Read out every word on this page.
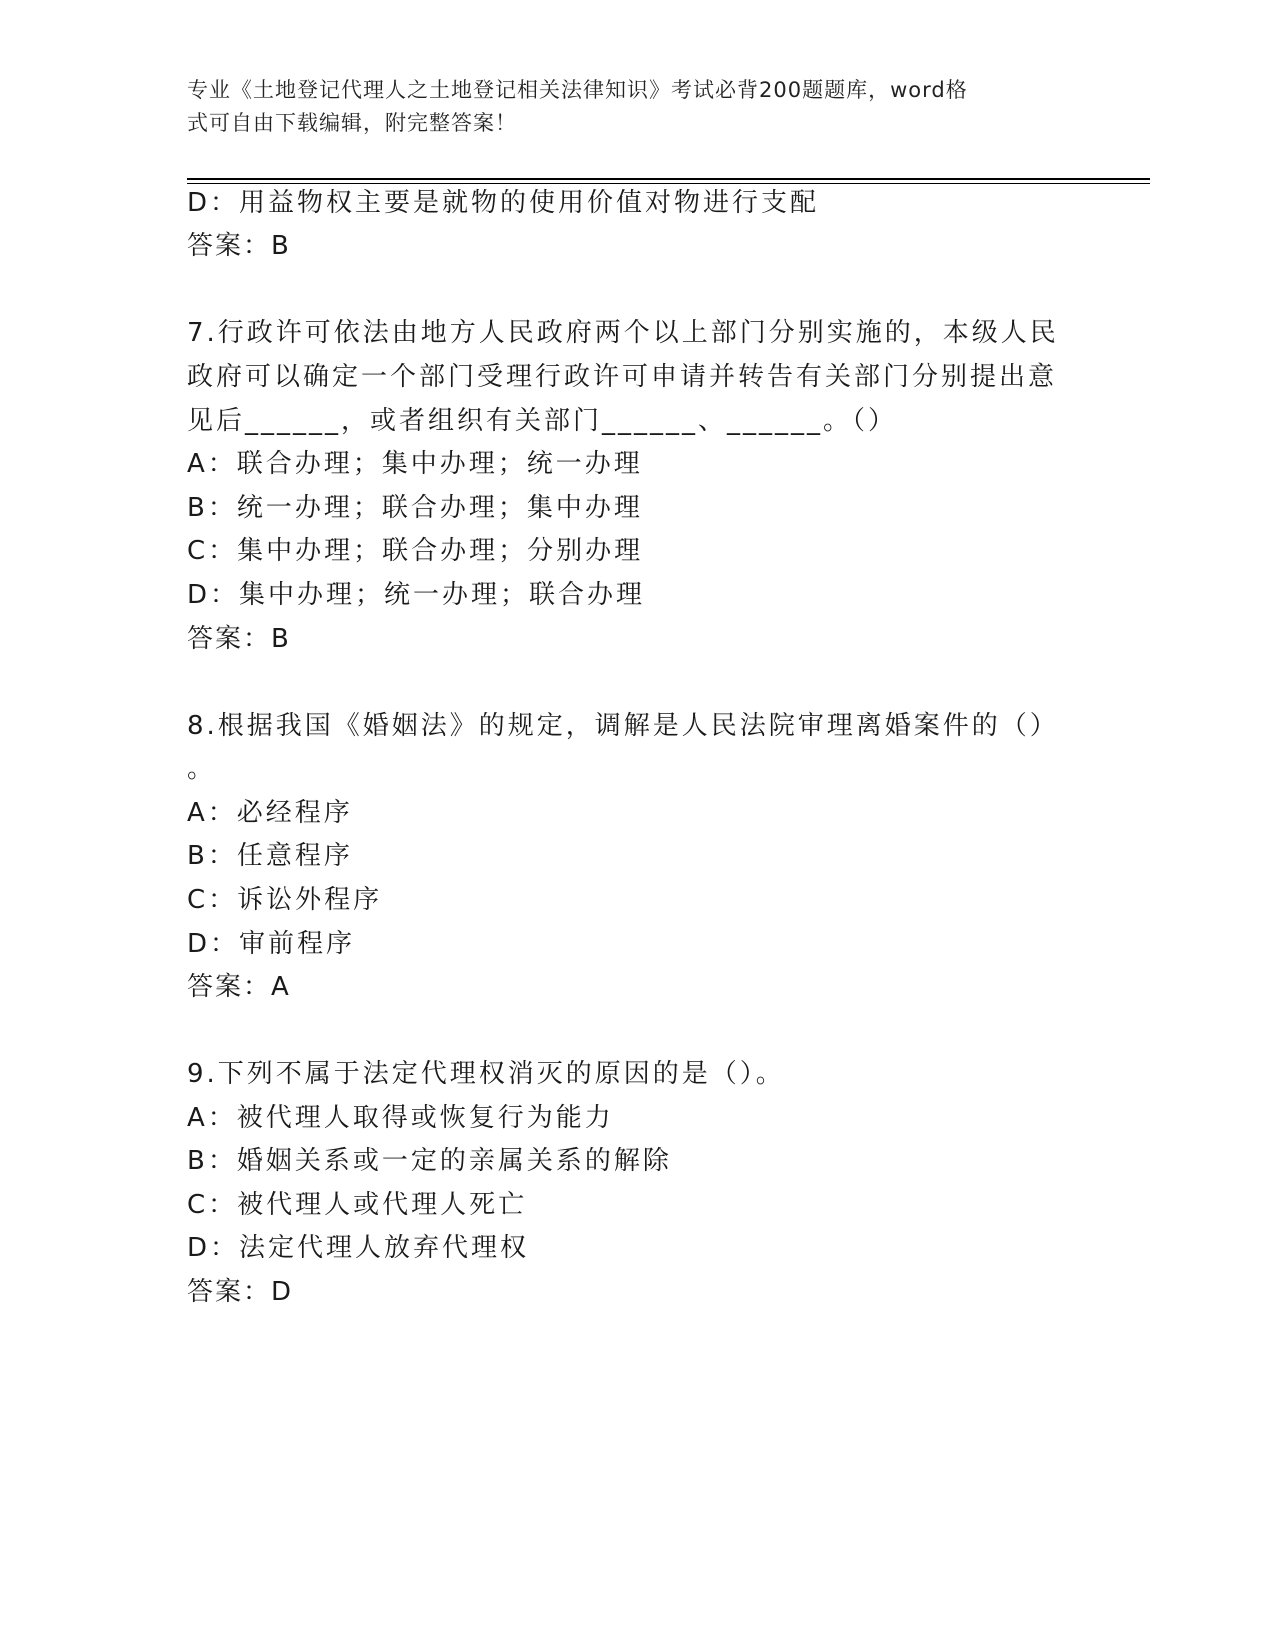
专业《土地登记代理人之土地登记相关法律知识》考试必背200题题库，word格
式可自由下载编辑，附完整答案！

D：用益物权主要是就物的使用价值对物进行支配
答案：B
7.行政许可依法由地方人民政府两个以上部门分别实施的，本级人民
政府可以确定一个部门受理行政许可申请并转告有关部门分别提出意
见后______，或者组织有关部门______、______。（）
A：联合办理；集中办理；统一办理
B：统一办理；联合办理；集中办理
C：集中办理；联合办理；分别办理
D：集中办理；统一办理；联合办理
答案：B
8.根据我国《婚姻法》的规定，调解是人民法院审理离婚案件的（）
。
A：必经程序
B：任意程序
C：诉讼外程序
D：审前程序
答案：A
9.下列不属于法定代理权消灭的原因的是（）。
A：被代理人取得或恢复行为能力
B：婚姻关系或一定的亲属关系的解除
C：被代理人或代理人死亡
D：法定代理人放弃代理权
答案：D
